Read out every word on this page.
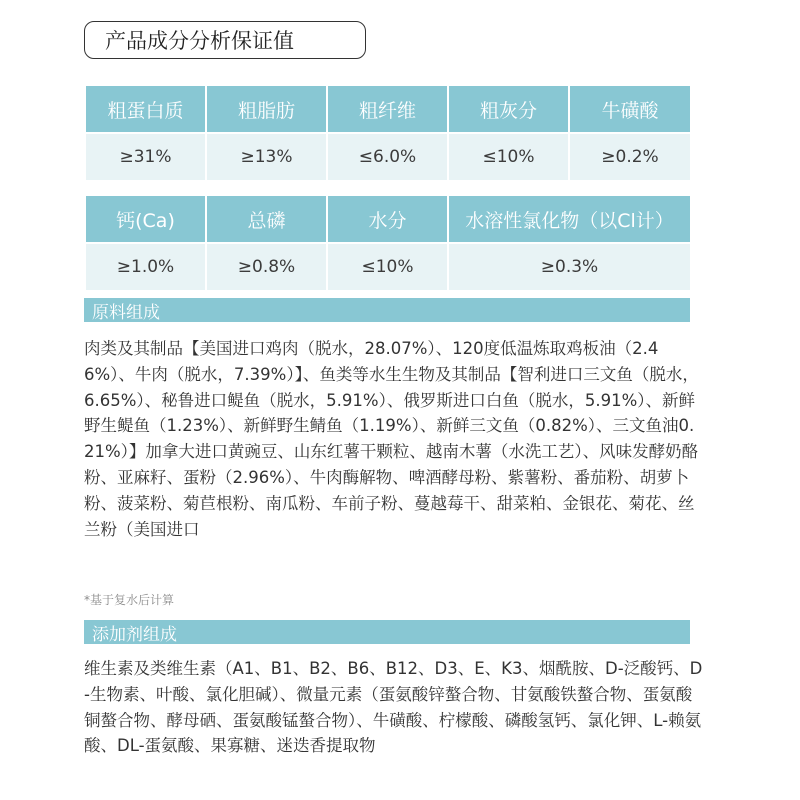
产品成分分析保证值
粗蛋白质	粗脂肪	粗纤维	粗灰分	牛磺酸
≥31%	≥13%	≤6.0%	≤10%	≥0.2%
钙(Ca)	总磷	水分	水溶性氯化物（以Cl计）
≥1.0%	≥0.8%	≤10%	≥0.3%
原料组成

肉类及其制品【美国进口鸡肉（脱水，28.07%）、120度低温炼取鸡板油（2.46%）、牛肉（脱水，7.39%）】、鱼类等水生生物及其制品【智利进口三文鱼（脱水，6.65%）、秘鲁进口鳀鱼（脱水，5.91%）、俄罗斯进口白鱼（脱水，5.91%）、新鲜野生鳀鱼（1.23%）、新鲜野生鲭鱼（1.19%）、新鲜三文鱼（0.82%）、三文鱼油0.21%）】加拿大进口黄豌豆、山东红薯干颗粒、越南木薯（水洗工艺）、风味发酵奶酪粉、亚麻籽、蛋粉（2.96%）、牛肉酶解物、啤酒酵母粉、紫薯粉、番茄粉、胡萝卜粉、菠菜粉、菊苣根粉、南瓜粉、车前子粉、蔓越莓干、甜菜粕、金银花、菊花、丝兰粉（美国进口

*基于复水后计算
添加剂组成

维生素及类维生素（A1、B1、B2、B6、B12、D3、E、K3、烟酰胺、D-泛酸钙、D-生物素、叶酸、氯化胆碱）、微量元素（蛋氨酸锌螯合物、甘氨酸铁螯合物、蛋氨酸铜螯合物、酵母硒、蛋氨酸锰螯合物）、牛磺酸、柠檬酸、磷酸氢钙、氯化钾、L-赖氨酸、DL-蛋氨酸、果寡糖、迷迭香提取物
